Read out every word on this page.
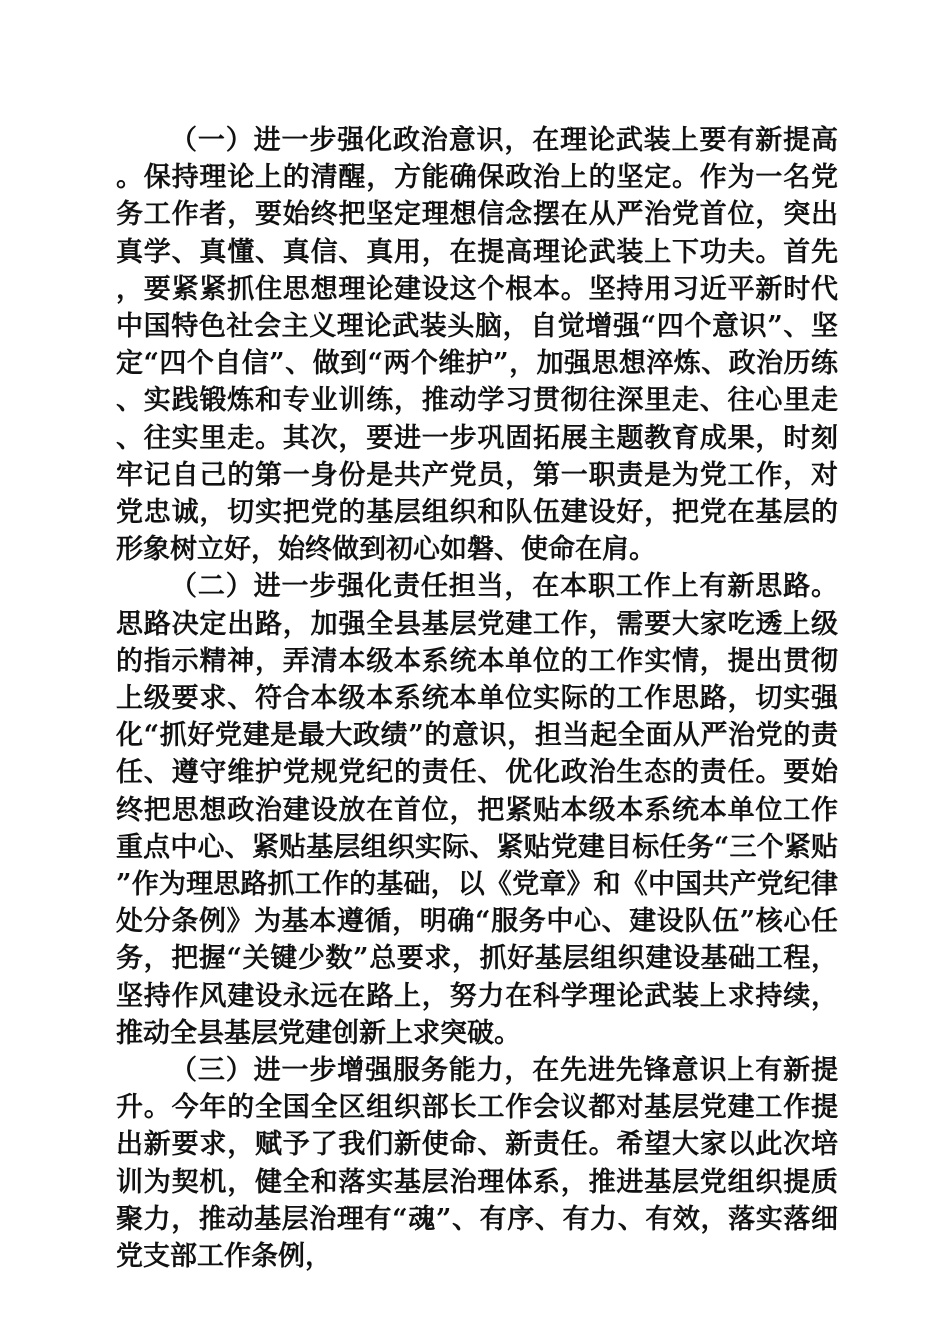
（一）进一步强化政治意识，在理论武装上要有新提高。保持理论上的清醒，方能确保政治上的坚定。作为一名党务工作者，要始终把坚定理想信念摆在从严治党首位，突出真学、真懂、真信、真用，在提高理论武装上下功夫。首先，要紧紧抓住思想理论建设这个根本。坚持用习近平新时代中国特色社会主义理论武装头脑，自觉增强“四个意识”、坚定“四个自信”、做到“两个维护”，加强思想淬炼、政治历练、实践锻炼和专业训练，推动学习贯彻往深里走、往心里走、往实里走。其次，要进一步巩固拓展主题教育成果，时刻牢记自己的第一身份是共产党员，第一职责是为党工作，对党忠诚，切实把党的基层组织和队伍建设好，把党在基层的形象树立好，始终做到初心如磐、使命在肩。

（二）进一步强化责任担当，在本职工作上有新思路。思路决定出路，加强全县基层党建工作，需要大家吃透上级的指示精神，弄清本级本系统本单位的工作实情，提出贯彻上级要求、符合本级本系统本单位实际的工作思路，切实强化“抓好党建是最大政绩”的意识，担当起全面从严治党的责任、遵守维护党规党纪的责任、优化政治生态的责任。要始终把思想政治建设放在首位，把紧贴本级本系统本单位工作重点中心、紧贴基层组织实际、紧贴党建目标任务“三个紧贴”作为理思路抓工作的基础，以《党章》和《中国共产党纪律处分条例》为基本遵循，明确“服务中心、建设队伍”核心任务，把握“关键少数”总要求，抓好基层组织建设基础工程，坚持作风建设永远在路上，努力在科学理论武装上求持续，推动全县基层党建创新上求突破。

（三）进一步增强服务能力，在先进先锋意识上有新提升。今年的全国全区组织部长工作会议都对基层党建工作提出新要求，赋予了我们新使命、新责任。希望大家以此次培训为契机，健全和落实基层治理体系，推进基层党组织提质聚力，推动基层治理有“魂”、有序、有力、有效，落实落细党支部工作条例，
